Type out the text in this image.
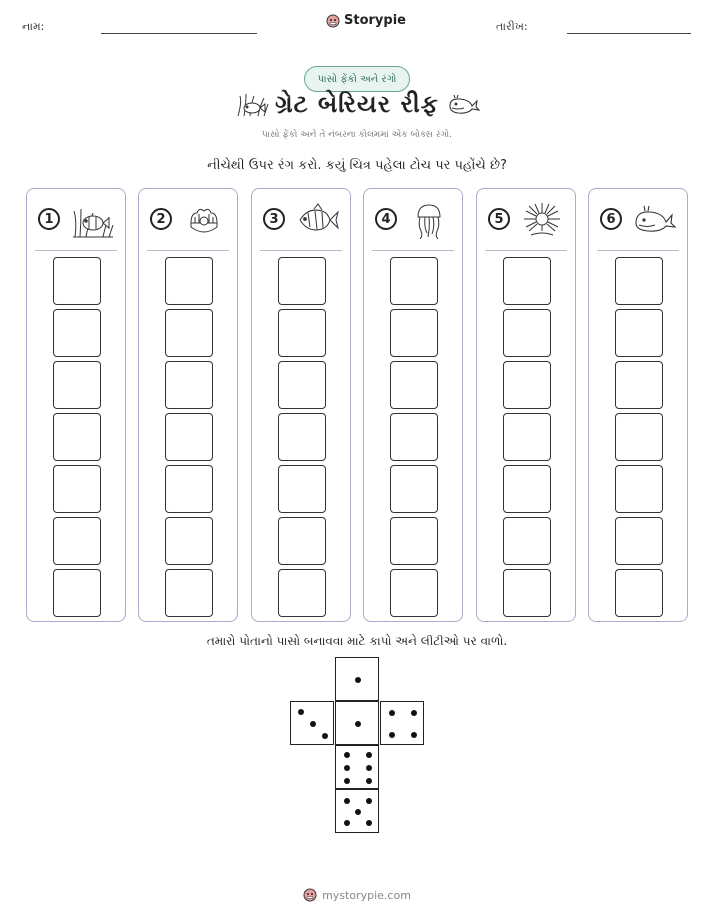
નામ:	Storypie	તારીખ:
પાસો ફેંકો અને રંગો
ગ્રેટ બેરિયર રીફ
પાસો ફેંકો અને તે નંબરના કોલમમાં એક બોક્સ રંગો.
નીચેથી ઉપર રંગ કરો. કયું ચિત્ર પહેલા ટોચ પર પહોંચે છે?
1	2	3	4	5	6
તમારો પોતાનો પાસો બનાવવા માટે કાપો અને લીટીઓ પર વાળો.
mystorypie.com
